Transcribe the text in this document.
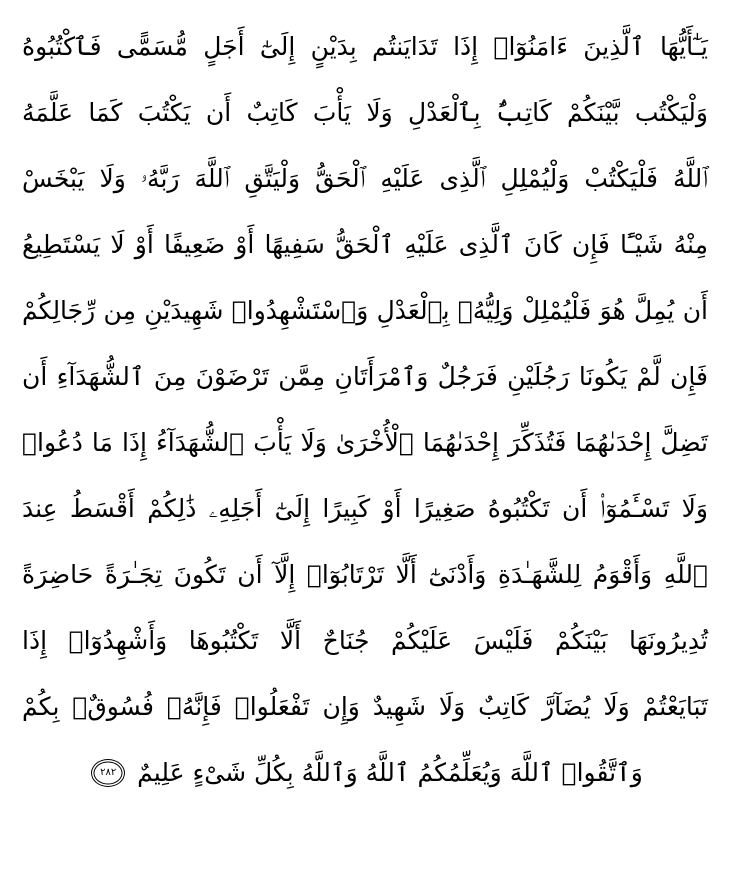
يَـٰٓأَيُّهَا ٱلَّذِينَ ءَامَنُوٓا۟ إِذَا تَدَايَنتُم بِدَيْنٍ إِلَىٰٓ أَجَلٍ مُّسَمًّى فَٱكْتُبُوهُ
وَلْيَكْتُب بَّيْنَكُمْ كَاتِبٌۢ بِٱلْعَدْلِ وَلَا يَأْبَ كَاتِبٌ أَن يَكْتُبَ كَمَا عَلَّمَهُ
ٱللَّهُ فَلْيَكْتُبْ وَلْيُمْلِلِ ٱلَّذِى عَلَيْهِ ٱلْحَقُّ وَلْيَتَّقِ ٱللَّهَ رَبَّهُۥ وَلَا يَبْخَسْ
مِنْهُ شَيْـًٔا فَإِن كَانَ ٱلَّذِى عَلَيْهِ ٱلْحَقُّ سَفِيهًا أَوْ ضَعِيفًا أَوْ لَا يَسْتَطِيعُ
أَن يُمِلَّ هُوَ فَلْيُمْلِلْ وَلِيُّهُۥ بِٱلْعَدْلِ وَٱسْتَشْهِدُوا۟ شَهِيدَيْنِ مِن رِّجَالِكُمْ
فَإِن لَّمْ يَكُونَا رَجُلَيْنِ فَرَجُلٌ وَٱمْرَأَتَانِ مِمَّن تَرْضَوْنَ مِنَ ٱلشُّهَدَآءِ أَن
تَضِلَّ إِحْدَىٰهُمَا فَتُذَكِّرَ إِحْدَىٰهُمَا ٱلْأُخْرَىٰ وَلَا يَأْبَ ٱلشُّهَدَآءُ إِذَا مَا دُعُوا۟
وَلَا تَسْـَٔمُوٓا۟ أَن تَكْتُبُوهُ صَغِيرًا أَوْ كَبِيرًا إِلَىٰٓ أَجَلِهِۦ ذَٰلِكُمْ أَقْسَطُ عِندَ
ٱللَّهِ وَأَقْوَمُ لِلشَّهَـٰدَةِ وَأَدْنَىٰٓ أَلَّا تَرْتَابُوٓا۟ إِلَّآ أَن تَكُونَ تِجَـٰرَةً حَاضِرَةً
تُدِيرُونَهَا بَيْنَكُمْ فَلَيْسَ عَلَيْكُمْ جُنَاحٌ أَلَّا تَكْتُبُوهَا وَأَشْهِدُوٓا۟ إِذَا
تَبَايَعْتُمْ وَلَا يُضَآرَّ كَاتِبٌ وَلَا شَهِيدٌ وَإِن تَفْعَلُوا۟ فَإِنَّهُۥ فُسُوقٌۢ بِكُمْ
وَٱتَّقُوا۟ ٱللَّهَ وَيُعَلِّمُكُمُ ٱللَّهُ وَٱللَّهُ بِكُلِّ شَىْءٍ عَلِيمٌ
٢٨٢
